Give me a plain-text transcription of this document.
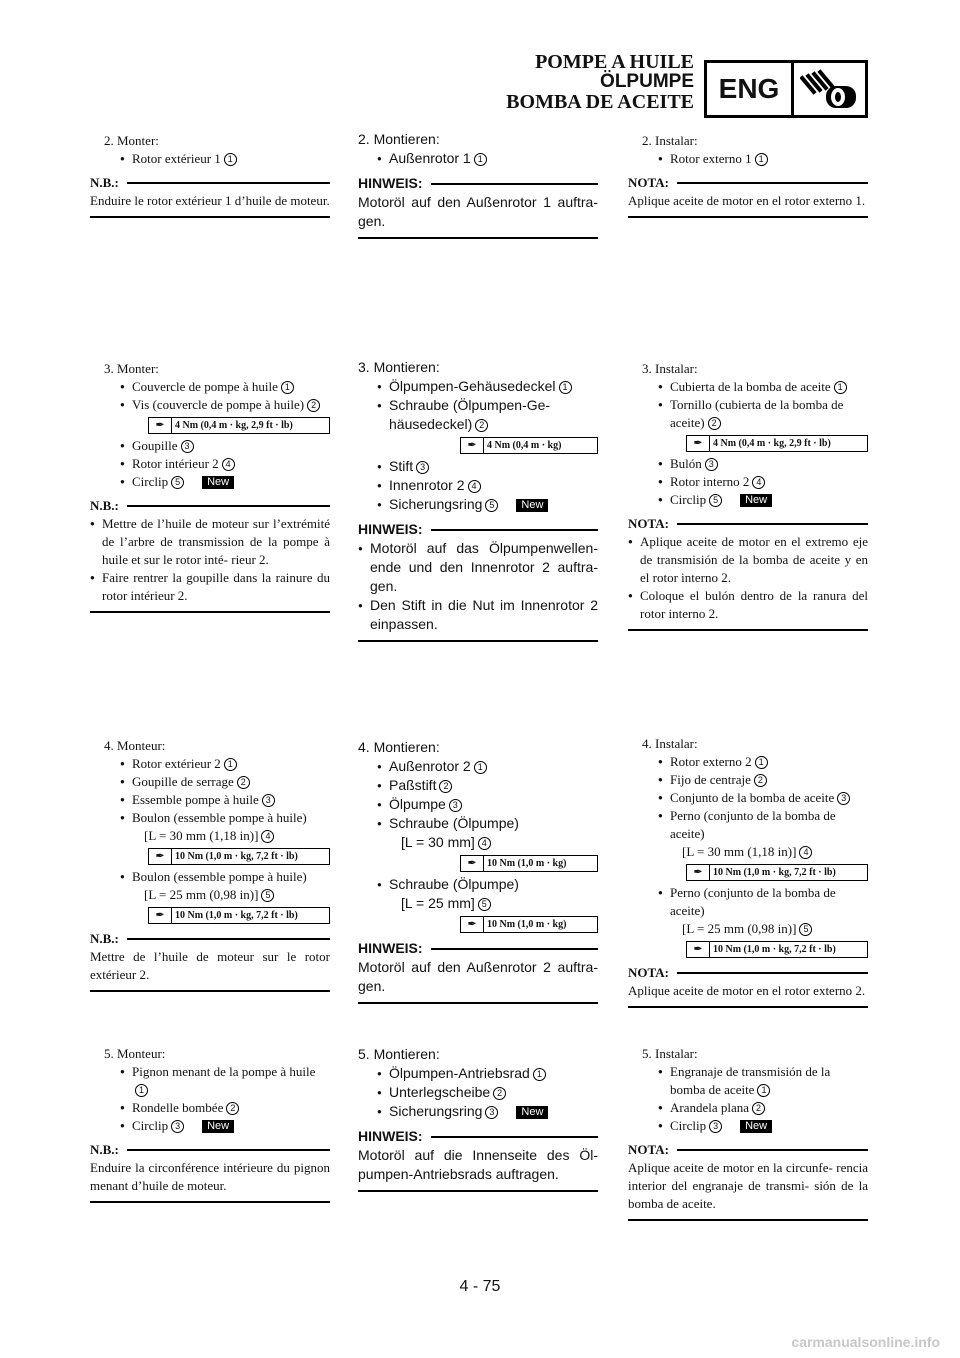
POMPE A HUILE
ÖLPUMPE
BOMBA DE ACEITE ENG
2. Monter:
● Rotor extérieur 1 1
N.B.:
Enduire le rotor extérieur 1 d’huile de moteur.
3. Monter:
● Couvercle de pompe à huile 1
● Vis (couvercle de pompe à huile) 2
✒	4 Nm (0,4 m · kg, 2,9 ft · lb)
● Goupille 3
● Rotor intérieur 2 4
● Circlip 5 New
N.B.:
● Mettre de l’huile de moteur sur l’extrémité de l’arbre de transmission de la pompe à huile et sur le rotor inté- rieur 2.
● Faire rentrer la goupille dans la rainure du rotor intérieur 2.
4. Monteur:
● Rotor extérieur 2 1
● Goupille de serrage 2
● Essemble pompe à huile 3
● Boulon (essemble pompe à huile)
[L = 30 mm (1,18 in)] 4
✒	10 Nm (1,0 m · kg, 7,2 ft · lb)
● Boulon (essemble pompe à huile)
[L = 25 mm (0,98 in)] 5
✒	10 Nm (1,0 m · kg, 7,2 ft · lb)
N.B.:
Mettre de l’huile de moteur sur le rotor extérieur 2.
5. Monteur:
● Pignon menant de la pompe à huile1
● Rondelle bombée 2
● Circlip 3 New
N.B.:
Enduire la circonférence intérieure du pignon menant d’huile de moteur.
2. Montieren:
● Außenrotor 1 1
HINWEIS:
Motoröl auf den Außenrotor 1 auftra- gen.
3. Montieren:
● Ölpumpen-Gehäusedeckel 1
● Schraube (Ölpumpen-Ge- häusedeckel) 2
✒	4 Nm (0,4 m · kg)
● Stift 3
● Innenrotor 2 4
● Sicherungsring 5 New
HINWEIS:
● Motoröl auf das Ölpumpenwellen- ende und den Innenrotor 2 auftra- gen.
● Den Stift in die Nut im Innenrotor 2 einpassen.
4. Montieren:
● Außenrotor 2 1
● Paßstift 2
● Ölpumpe 3
● Schraube (Ölpumpe)
[L = 30 mm] 4
✒	10 Nm (1,0 m · kg)
● Schraube (Ölpumpe)
[L = 25 mm] 5
✒	10 Nm (1,0 m · kg)
HINWEIS:
Motoröl auf den Außenrotor 2 auftra- gen.
5. Montieren:
● Ölpumpen-Antriebsrad 1
● Unterlegscheibe 2
● Sicherungsring 3 New
HINWEIS:
Motoröl auf die Innenseite des Öl- pumpen-Antriebsrads auftragen.
2. Instalar:
● Rotor externo 1 1
NOTA:
Aplique aceite de motor en el rotor externo 1.
3. Instalar:
● Cubierta de la bomba de aceite 1
● Tornillo (cubierta de la bomba de aceite) 2
✒	4 Nm (0,4 m · kg, 2,9 ft · lb)
● Bulón 3
● Rotor interno 2 4
● Circlip 5 New
NOTA:
● Aplique aceite de motor en el extremo eje de transmisión de la bomba de aceite y en el rotor interno 2.
● Coloque el bulón dentro de la ranura del rotor interno 2.
4. Instalar:
● Rotor externo 2 1
● Fijo de centraje 2
● Conjunto de la bomba de aceite 3
● Perno (conjunto de la bomba de aceite)
[L = 30 mm (1,18 in)] 4
✒	10 Nm (1,0 m · kg, 7,2 ft · lb)
● Perno (conjunto de la bomba de aceite)
[L = 25 mm (0,98 in)] 5
✒	10 Nm (1,0 m · kg, 7,2 ft · lb)
NOTA:
Aplique aceite de motor en el rotor externo 2.
5. Instalar:
● Engranaje de transmisión de la bomba de aceite 1
● Arandela plana 2
● Circlip 3 New
NOTA:
Aplique aceite de motor en la circunfe- rencia interior del engranaje de transmi- sión de la bomba de aceite.
4 - 75
carmanualsonline.info
